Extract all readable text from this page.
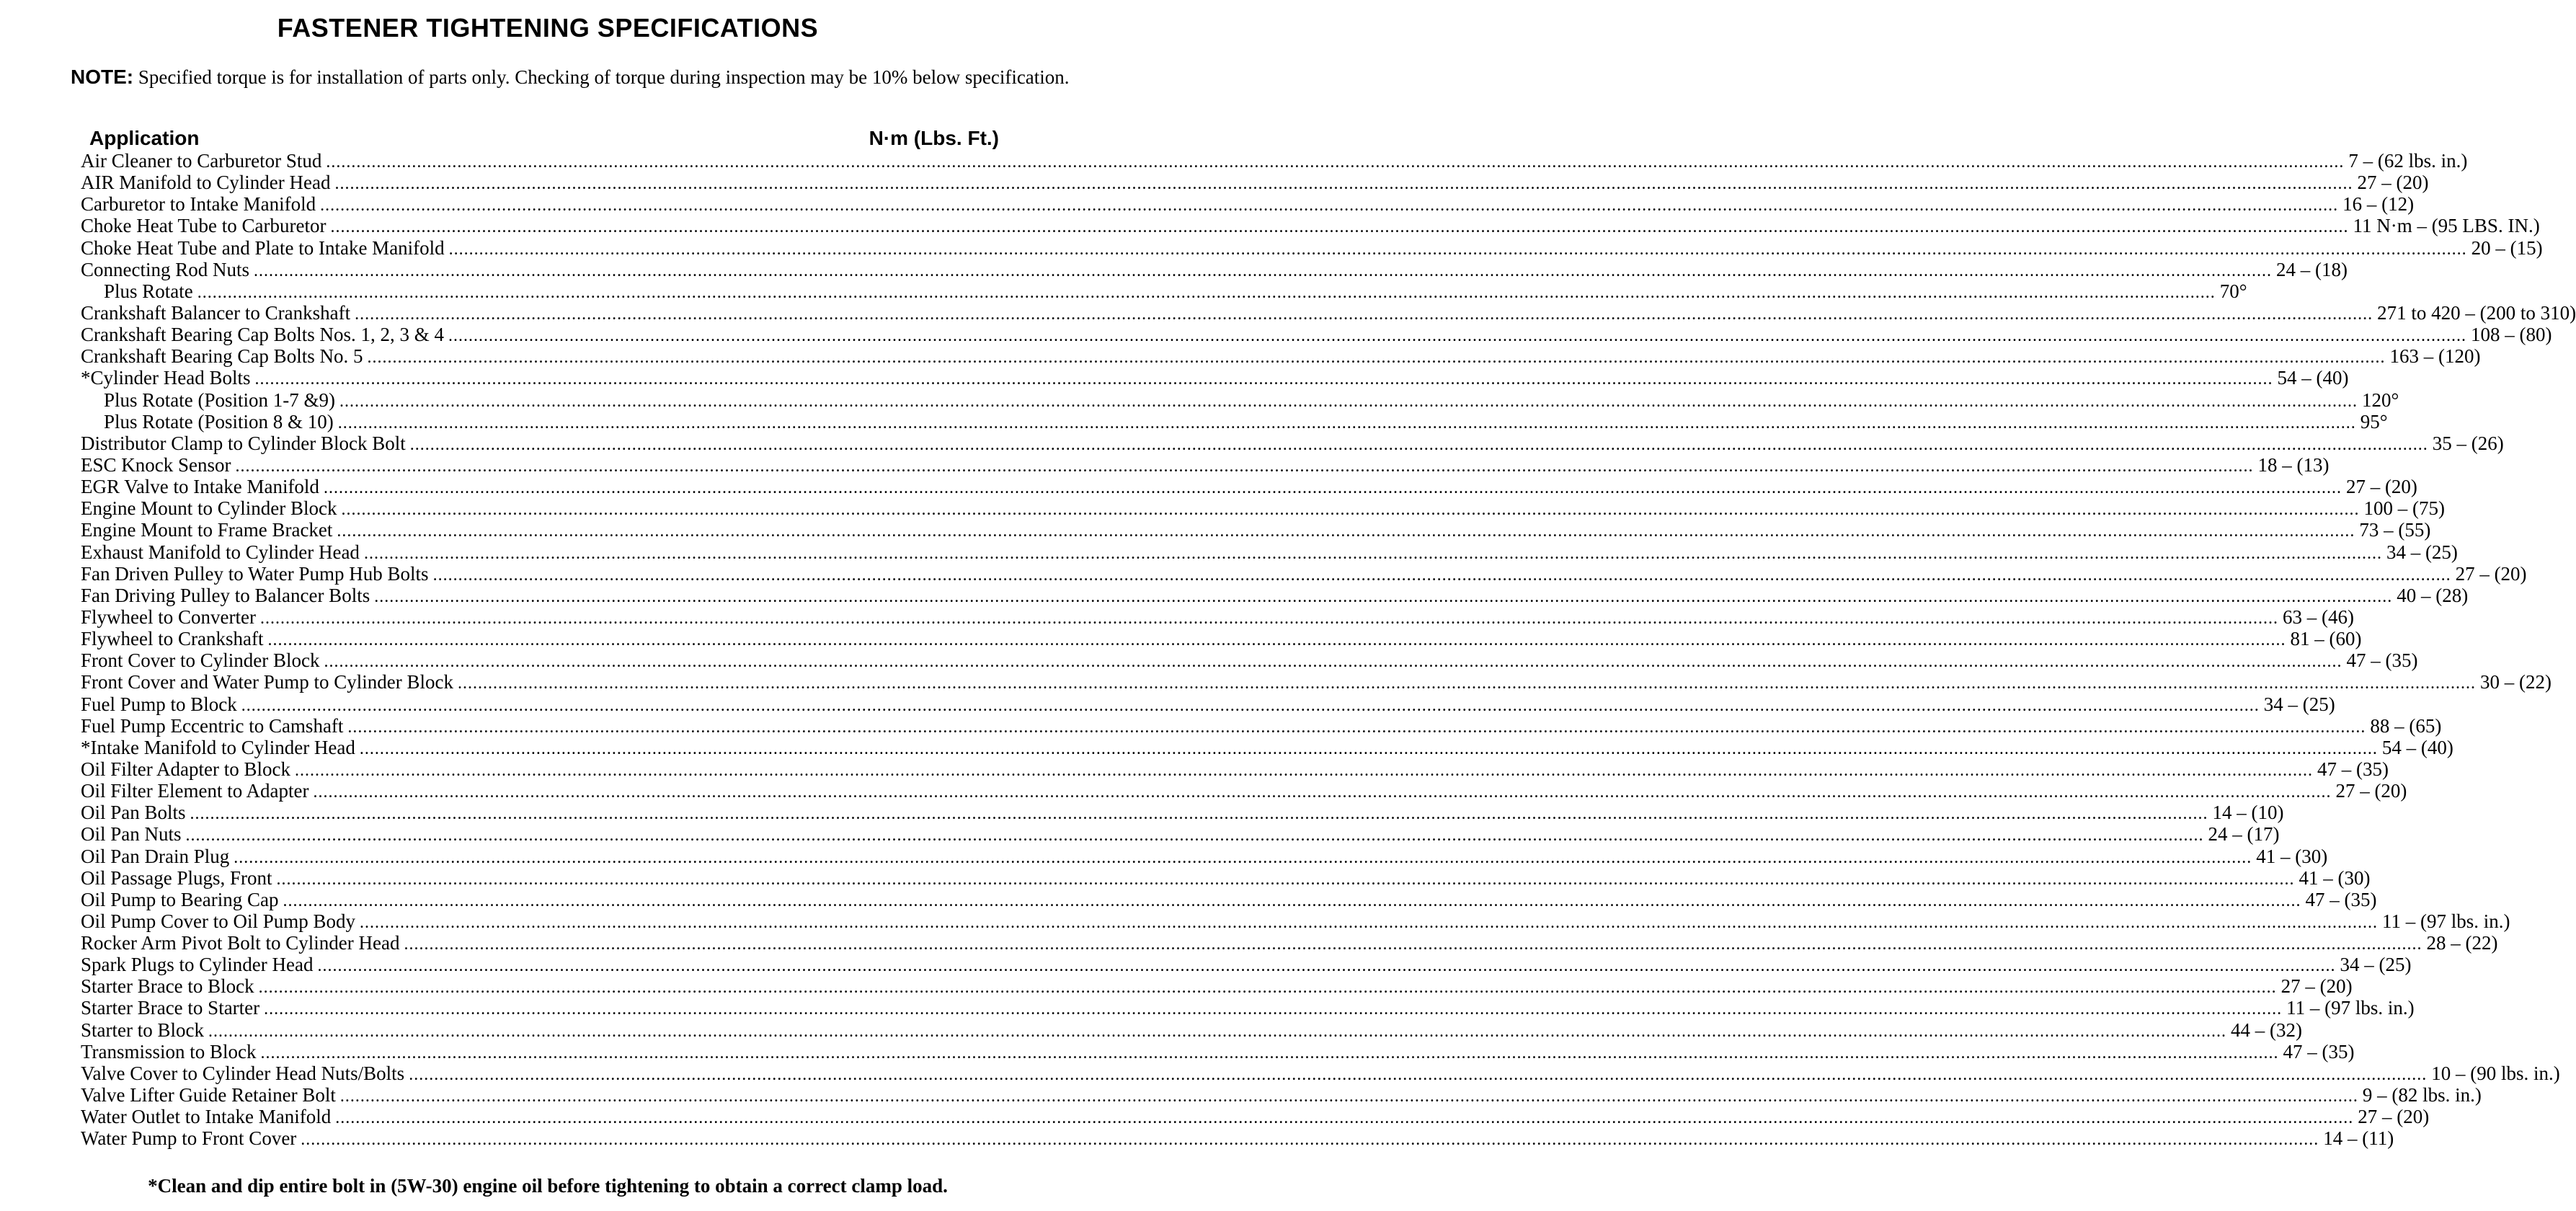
FASTENER TIGHTENING SPECIFICATIONS
NOTE: Specified torque is for installation of parts only. Checking of torque during inspection may be 10% below specification.
Application	N·m (Lbs. Ft.)
Air Cleaner to Carburetor Stud ................................................................................................................................................................................................................................................................................................................................................................................................................ 7 – (62 lbs. in.)
AIR Manifold to Cylinder Head ................................................................................................................................................................................................................................................................................................................................................................................................................ 27 – (20)
Carburetor to Intake Manifold ................................................................................................................................................................................................................................................................................................................................................................................................................ 16 – (12)
Choke Heat Tube to Carburetor ................................................................................................................................................................................................................................................................................................................................................................................................................ 11 N·m – (95 LBS. IN.)
Choke Heat Tube and Plate to Intake Manifold ................................................................................................................................................................................................................................................................................................................................................................................................................ 20 – (15)
Connecting Rod Nuts ................................................................................................................................................................................................................................................................................................................................................................................................................ 24 – (18)
Plus Rotate ................................................................................................................................................................................................................................................................................................................................................................................................................ 70°
Crankshaft Balancer to Crankshaft ................................................................................................................................................................................................................................................................................................................................................................................................................ 271 to 420 – (200 to 310)
Crankshaft Bearing Cap Bolts Nos. 1, 2, 3 & 4 ................................................................................................................................................................................................................................................................................................................................................................................................................ 108 – (80)
Crankshaft Bearing Cap Bolts No. 5 ................................................................................................................................................................................................................................................................................................................................................................................................................ 163 – (120)
*Cylinder Head Bolts ................................................................................................................................................................................................................................................................................................................................................................................................................ 54 – (40)
Plus Rotate (Position 1-7 &9) ................................................................................................................................................................................................................................................................................................................................................................................................................ 120°
Plus Rotate (Position 8 & 10) ................................................................................................................................................................................................................................................................................................................................................................................................................ 95°
Distributor Clamp to Cylinder Block Bolt ................................................................................................................................................................................................................................................................................................................................................................................................................ 35 – (26)
ESC Knock Sensor ................................................................................................................................................................................................................................................................................................................................................................................................................ 18 – (13)
EGR Valve to Intake Manifold ................................................................................................................................................................................................................................................................................................................................................................................................................ 27 – (20)
Engine Mount to Cylinder Block ................................................................................................................................................................................................................................................................................................................................................................................................................ 100 – (75)
Engine Mount to Frame Bracket ................................................................................................................................................................................................................................................................................................................................................................................................................ 73 – (55)
Exhaust Manifold to Cylinder Head ................................................................................................................................................................................................................................................................................................................................................................................................................ 34 – (25)
Fan Driven Pulley to Water Pump Hub Bolts ................................................................................................................................................................................................................................................................................................................................................................................................................ 27 – (20)
Fan Driving Pulley to Balancer Bolts ................................................................................................................................................................................................................................................................................................................................................................................................................ 40 – (28)
Flywheel to Converter ................................................................................................................................................................................................................................................................................................................................................................................................................ 63 – (46)
Flywheel to Crankshaft ................................................................................................................................................................................................................................................................................................................................................................................................................ 81 – (60)
Front Cover to Cylinder Block ................................................................................................................................................................................................................................................................................................................................................................................................................ 47 – (35)
Front Cover and Water Pump to Cylinder Block ................................................................................................................................................................................................................................................................................................................................................................................................................ 30 – (22)
Fuel Pump to Block ................................................................................................................................................................................................................................................................................................................................................................................................................ 34 – (25)
Fuel Pump Eccentric to Camshaft ................................................................................................................................................................................................................................................................................................................................................................................................................ 88 – (65)
*Intake Manifold to Cylinder Head ................................................................................................................................................................................................................................................................................................................................................................................................................ 54 – (40)
Oil Filter Adapter to Block ................................................................................................................................................................................................................................................................................................................................................................................................................ 47 – (35)
Oil Filter Element to Adapter ................................................................................................................................................................................................................................................................................................................................................................................................................ 27 – (20)
Oil Pan Bolts ................................................................................................................................................................................................................................................................................................................................................................................................................ 14 – (10)
Oil Pan Nuts ................................................................................................................................................................................................................................................................................................................................................................................................................ 24 – (17)
Oil Pan Drain Plug ................................................................................................................................................................................................................................................................................................................................................................................................................ 41 – (30)
Oil Passage Plugs, Front ................................................................................................................................................................................................................................................................................................................................................................................................................ 41 – (30)
Oil Pump to Bearing Cap ................................................................................................................................................................................................................................................................................................................................................................................................................ 47 – (35)
Oil Pump Cover to Oil Pump Body ................................................................................................................................................................................................................................................................................................................................................................................................................ 11 – (97 lbs. in.)
Rocker Arm Pivot Bolt to Cylinder Head ................................................................................................................................................................................................................................................................................................................................................................................................................ 28 – (22)
Spark Plugs to Cylinder Head ................................................................................................................................................................................................................................................................................................................................................................................................................ 34 – (25)
Starter Brace to Block ................................................................................................................................................................................................................................................................................................................................................................................................................ 27 – (20)
Starter Brace to Starter ................................................................................................................................................................................................................................................................................................................................................................................................................ 11 – (97 lbs. in.)
Starter to Block ................................................................................................................................................................................................................................................................................................................................................................................................................ 44 – (32)
Transmission to Block ................................................................................................................................................................................................................................................................................................................................................................................................................ 47 – (35)
Valve Cover to Cylinder Head Nuts/Bolts ................................................................................................................................................................................................................................................................................................................................................................................................................ 10 – (90 lbs. in.)
Valve Lifter Guide Retainer Bolt ................................................................................................................................................................................................................................................................................................................................................................................................................ 9 – (82 lbs. in.)
Water Outlet to Intake Manifold ................................................................................................................................................................................................................................................................................................................................................................................................................ 27 – (20)
Water Pump to Front Cover ................................................................................................................................................................................................................................................................................................................................................................................................................ 14 – (11)
*Clean and dip entire bolt in (5W-30) engine oil before tightening to obtain a correct clamp load.
